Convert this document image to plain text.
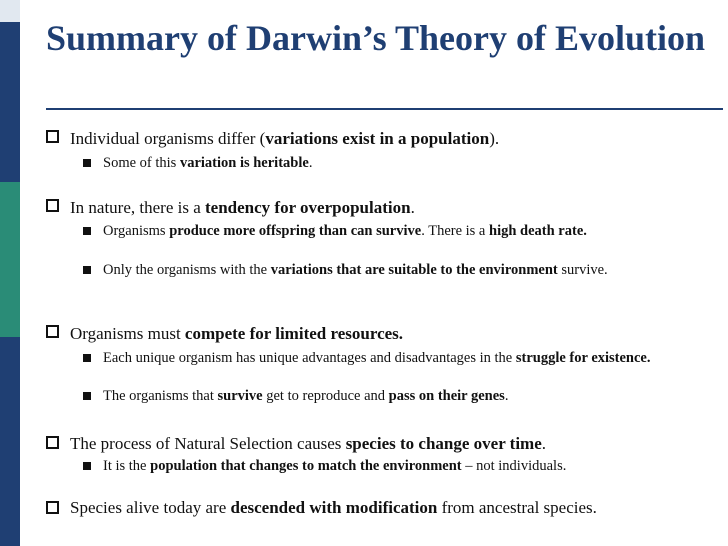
Summary of Darwin’s Theory of Evolution

Individual organisms differ (variations exist in a population).

Some of this variation is heritable.

In nature, there is a tendency for overpopulation.

Organisms produce more offspring than can survive. There is a high death rate.

Only the organisms with the variations that are suitable to the environment survive.

Organisms must compete for limited resources.

Each unique organism has unique advantages and disadvantages in the struggle for existence.

The organisms that survive get to reproduce and pass on their genes.

The process of Natural Selection causes species to change over time.

It is the population that changes to match the environment – not individuals.

Species alive today are descended with modification from ancestral species.
